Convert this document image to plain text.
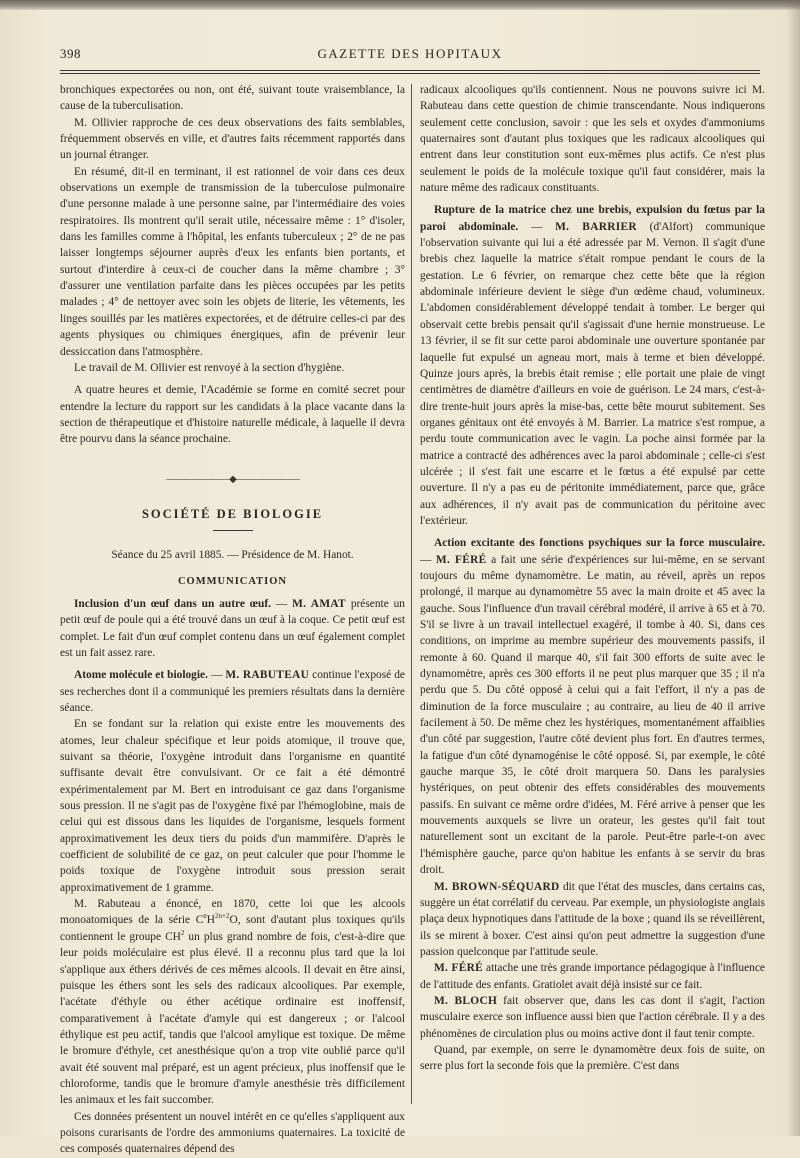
398	GAZETTE DES HOPITAUX

bronchiques expectorées ou non, ont été, suivant toute vraisemblance, la cause de la tuberculisation.

M. Ollivier rapproche de ces deux observations des faits semblables, fréquemment observés en ville, et d'autres faits récemment rapportés dans un journal étranger.

En résumé, dit-il en terminant, il est rationnel de voir dans ces deux observations un exemple de transmission de la tuberculose pulmonaire d'une personne malade à une personne saine, par l'intermédiaire des voies respiratoires. Ils montrent qu'il serait utile, nécessaire même : 1° d'isoler, dans les familles comme à l'hôpital, les enfants tuberculeux ; 2° de ne pas laisser longtemps séjourner auprès d'eux les enfants bien portants, et surtout d'interdire à ceux-ci de coucher dans la même chambre ; 3° d'assurer une ventilation parfaite dans les pièces occupées par les petits malades ; 4° de nettoyer avec soin les objets de literie, les vêtements, les linges souillés par les matières expectorées, et de détruire celles-ci par des agents physiques ou chimiques énergiques, afin de prévenir leur dessiccation dans l'atmosphère.

Le travail de M. Ollivier est renvoyé à la section d'hygiène.

A quatre heures et demie, l'Académie se forme en comité secret pour entendre la lecture du rapport sur les candidats à la place vacante dans la section de thérapeutique et d'histoire naturelle médicale, à laquelle il devra être pourvu dans la séance prochaine.

———————◆———————
SOCIÉTÉ DE BIOLOGIE
Séance du 25 avril 1885. — Présidence de M. Hanot.
COMMUNICATION

Inclusion d'un œuf dans un autre œuf. — M. AMAT présente un petit œuf de poule qui a été trouvé dans un œuf à la coque. Ce petit œuf est complet. Le fait d'un œuf complet contenu dans un œuf également complet est un fait assez rare.

Atome molécule et biologie. — M. RABUTEAU continue l'exposé de ses recherches dont il a communiqué les premiers résultats dans la dernière séance.

En se fondant sur la relation qui existe entre les mouvements des atomes, leur chaleur spécifique et leur poids atomique, il trouve que, suivant sa théorie, l'oxygène introduit dans l'organisme en quantité suffisante devait être convulsivant. Or ce fait a été démontré expérimentalement par M. Bert en introduisant ce gaz dans l'organisme sous pression. Il ne s'agit pas de l'oxygène fixé par l'hémoglobine, mais de celui qui est dissous dans les liquides de l'organisme, lesquels forment approximativement les deux tiers du poids d'un mammifère. D'après le coefficient de solubilité de ce gaz, on peut calculer que pour l'homme le poids toxique de l'oxygène introduit sous pression serait approximativement de 1 gramme.

M. Rabuteau a énoncé, en 1870, cette loi que les alcools monoatomiques de la série $C^nH^{2n+2}O$, sont d'autant plus toxiques qu'ils contiennent le groupe $CH^2$ un plus grand nombre de fois, c'est-à-dire que leur poids moléculaire est plus élevé. Il a reconnu plus tard que la loi s'applique aux éthers dérivés de ces mêmes alcools. Il devait en être ainsi, puisque les éthers sont les sels des radicaux alcooliques. Par exemple, l'acétate d'éthyle ou éther acétique ordinaire est inoffensif, comparativement à l'acétate d'amyle qui est dangereux ; or l'alcool éthylique est peu actif, tandis que l'alcool amylique est toxique. De même le bromure d'éthyle, cet anesthésique qu'on a trop vite oublié parce qu'il avait été souvent mal préparé, est un agent précieux, plus inoffensif que le chloroforme, tandis que le bromure d'amyle anesthésie très difficilement les animaux et les fait succomber.

Ces données présentent un nouvel intérêt en ce qu'elles s'appliquent aux poisons curarisants de l'ordre des ammoniums quaternaires. La toxicité de ces composés quaternaires dépend des

radicaux alcooliques qu'ils contiennent. Nous ne pouvons suivre ici M. Rabuteau dans cette question de chimie transcendante. Nous indiquerons seulement cette conclusion, savoir : que les sels et oxydes d'ammoniums quaternaires sont d'autant plus toxiques que les radicaux alcooliques qui entrent dans leur constitution sont eux-mêmes plus actifs. Ce n'est plus seulement le poids de la molécule toxique qu'il faut considérer, mais la nature même des radicaux constituants.

Rupture de la matrice chez une brebis, expulsion du fœtus par la paroi abdominale. — M. BARRIER (d'Alfort) communique l'observation suivante qui lui a été adressée par M. Vernon. Il s'agit d'une brebis chez laquelle la matrice s'était rompue pendant le cours de la gestation. Le 6 février, on remarque chez cette bête que la région abdominale inférieure devient le siège d'un œdème chaud, volumineux. L'abdomen considérablement développé tendait à tomber. Le berger qui observait cette brebis pensait qu'il s'agissait d'une hernie monstrueuse. Le 13 février, il se fit sur cette paroi abdominale une ouverture spontanée par laquelle fut expulsé un agneau mort, mais à terme et bien développé. Quinze jours après, la brebis était remise ; elle portait une plaie de vingt centimètres de diamètre d'ailleurs en voie de guérison. Le 24 mars, c'est-à-dire trente-huit jours après la mise-bas, cette bête mourut subitement. Ses organes génitaux ont été envoyés à M. Barrier. La matrice s'est rompue, a perdu toute communication avec le vagin. La poche ainsi formée par la matrice a contracté des adhérences avec la paroi abdominale ; celle-ci s'est ulcérée ; il s'est fait une escarre et le fœtus a été expulsé par cette ouverture. Il n'y a pas eu de péritonite immédiatement, parce que, grâce aux adhérences, il n'y avait pas de communication du péritoine avec l'extérieur.

Action excitante des fonctions psychiques sur la force musculaire. — M. FÉRÉ a fait une série d'expériences sur lui-même, en se servant toujours du même dynamomètre. Le matin, au réveil, après un repos prolongé, il marque au dynamomètre 55 avec la main droite et 45 avec la gauche. Sous l'influence d'un travail cérébral modéré, il arrive à 65 et à 70. S'il se livre à un travail intellectuel exagéré, il tombe à 40. Si, dans ces conditions, on imprime au membre supérieur des mouvements passifs, il remonte à 60. Quand il marque 40, s'il fait 300 efforts de suite avec le dynamomètre, après ces 300 efforts il ne peut plus marquer que 35 ; il n'a perdu que 5. Du côté opposé à celui qui a fait l'effort, il n'y a pas de diminution de la force musculaire ; au contraire, au lieu de 40 il arrive facilement à 50. De même chez les hystériques, momentanément affaiblies d'un côté par suggestion, l'autre côté devient plus fort. En d'autres termes, la fatigue d'un côté dynamogénise le côté opposé. Si, par exemple, le côté gauche marque 35, le côté droit marquera 50. Dans les paralysies hystériques, on peut obtenir des effets considérables des mouvements passifs. En suivant ce même ordre d'idées, M. Féré arrive à penser que les mouvements auxquels se livre un orateur, les gestes qu'il fait tout naturellement sont un excitant de la parole. Peut-être parle-t-on avec l'hémisphère gauche, parce qu'on habitue les enfants à se servir du bras droit.

M. BROWN-SÉQUARD dit que l'état des muscles, dans certains cas, suggère un état corrélatif du cerveau. Par exemple, un physiologiste anglais plaça deux hypnotiques dans l'attitude de la boxe ; quand ils se réveillèrent, ils se mirent à boxer. C'est ainsi qu'on peut admettre la suggestion d'une passion quelconque par l'attitude seule.

M. FÉRÉ attache une très grande importance pédagogique à l'influence de l'attitude des enfants. Gratiolet avait déjà insisté sur ce fait.

M. BLOCH fait observer que, dans les cas dont il s'agit, l'action musculaire exerce son influence aussi bien que l'action cérébrale. Il y a des phénomènes de circulation plus ou moins active dont il faut tenir compte.

Quand, par exemple, on serre le dynamomètre deux fois de suite, on serre plus fort la seconde fois que la première. C'est dans
